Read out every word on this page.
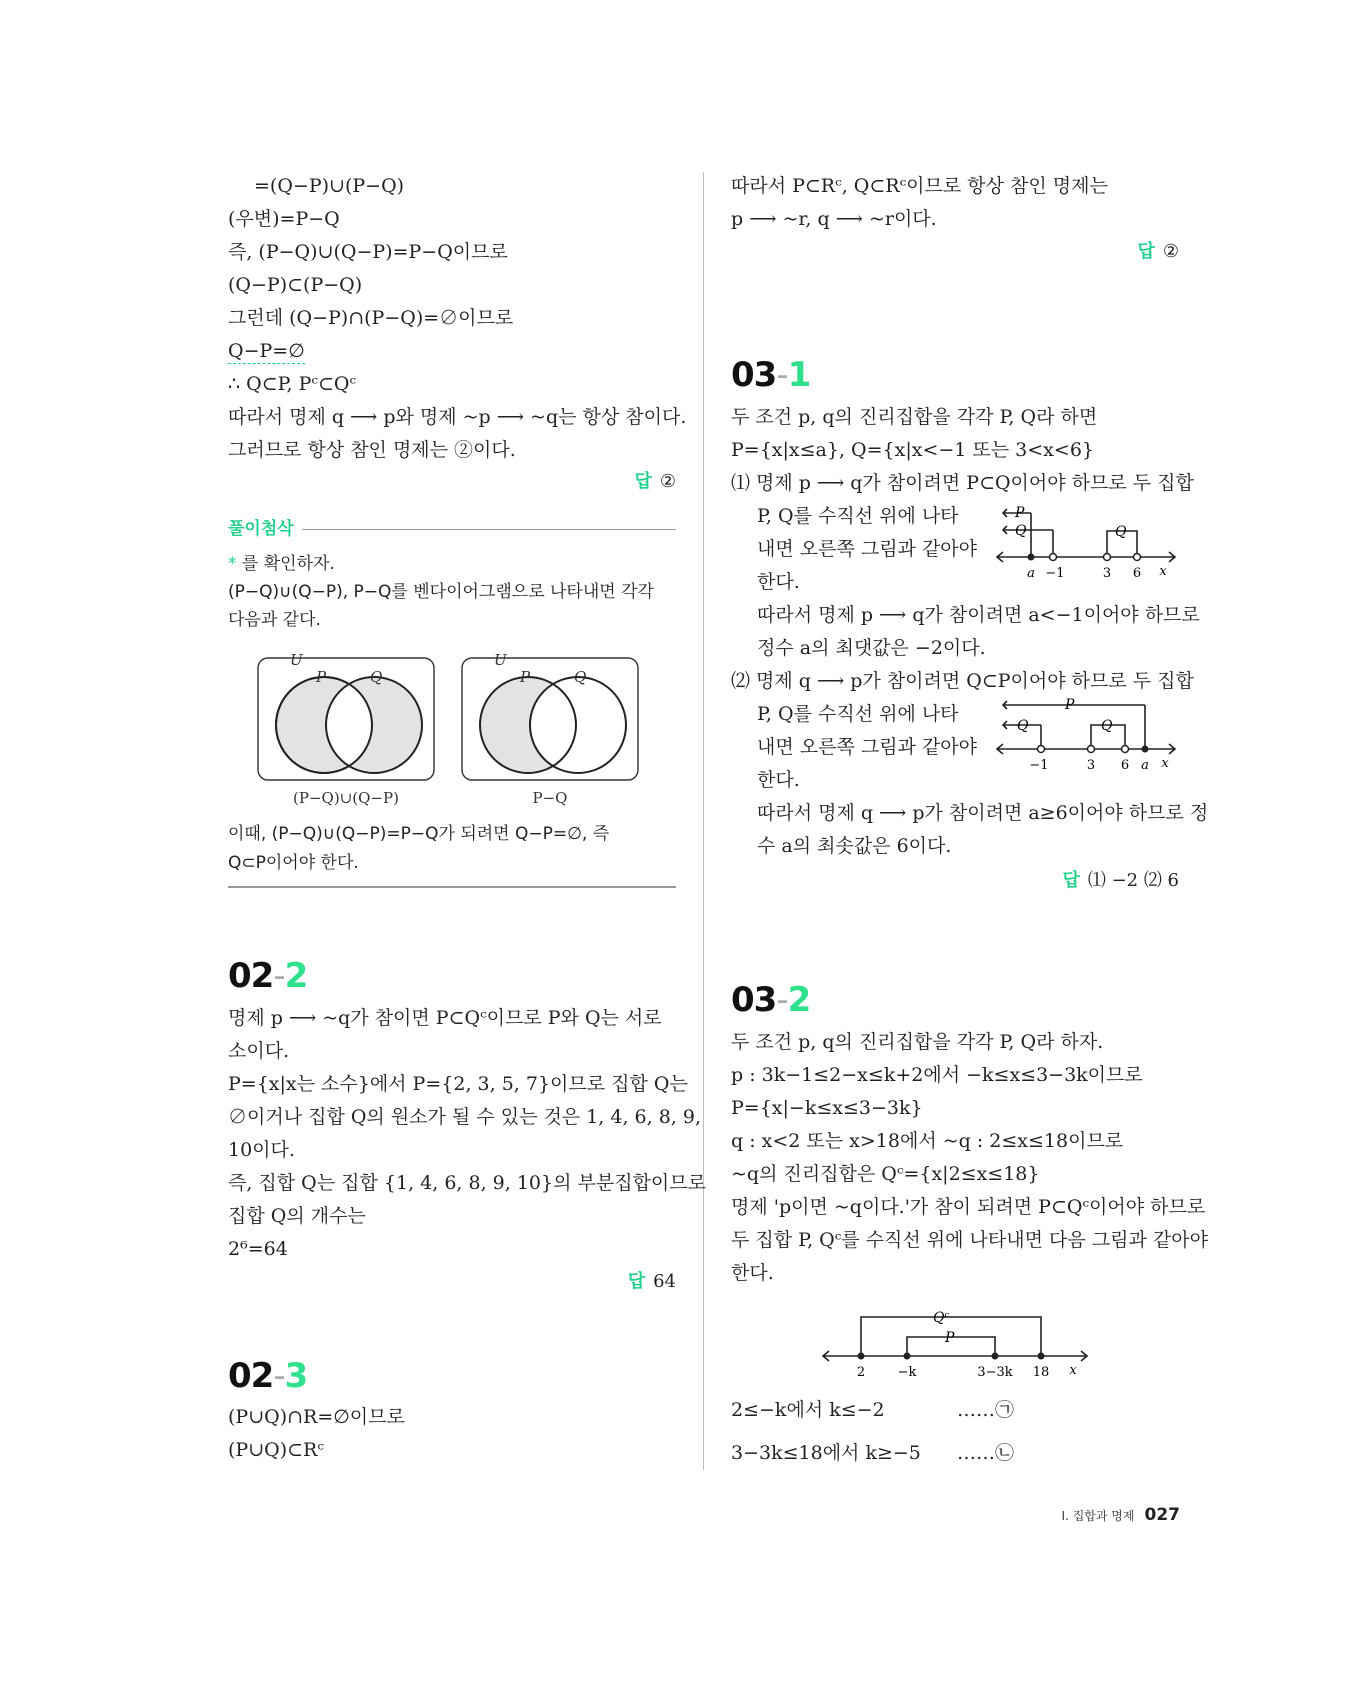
=(Q−P)∪(P−Q)
(우변)=P−Q
즉, (P−Q)∪(Q−P)=P−Q이므로
(Q−P)⊂(P−Q)
그런데 (Q−P)∩(P−Q)=∅이므로
Q−P=∅
∴ Q⊂P, Pᶜ⊂Qᶜ
따라서 명제 q ⟶ p와 명제 ~p ⟶ ~q는 항상 참이다.
그러므로 항상 참인 명제는 ②이다.
답 ②
풀이첨삭
* 를 확인하자.
(P−Q)∪(Q−P), P−Q를 벤다이어그램으로 나타내면 각각
다음과 같다.
U
P	Q
(P−Q)∪(Q−P)
U
P	Q
P−Q
이때, (P−Q)∪(Q−P)=P−Q가 되려면 Q−P=∅, 즉
Q⊂P이어야 한다.
02-2
명제 p ⟶ ~q가 참이면 P⊂Qᶜ이므로 P와 Q는 서로
소이다.
P={x|x는 소수}에서 P={2, 3, 5, 7}이므로 집합 Q는
∅이거나 집합 Q의 원소가 될 수 있는 것은 1, 4, 6, 8, 9,
10이다.
즉, 집합 Q는 집합 {1, 4, 6, 8, 9, 10}의 부분집합이므로
집합 Q의 개수는
2⁶=64
답 64
02-3
(P∪Q)∩R=∅이므로
(P∪Q)⊂Rᶜ
따라서 P⊂Rᶜ, Q⊂Rᶜ이므로 항상 참인 명제는
p ⟶ ~r, q ⟶ ~r이다.
답 ②
03-1
두 조건 p, q의 진리집합을 각각 P, Q라 하면
P={x|x≤a}, Q={x|x<−1 또는 3<x<6}
⑴ 명제 p ⟶ q가 참이려면 P⊂Q이어야 하므로 두 집합
P, Q를 수직선 위에 나타
내면 오른쪽 그림과 같아야
한다.
따라서 명제 p ⟶ q가 참이려면 a<−1이어야 하므로
정수 a의 최댓값은 −2이다.
⑵ 명제 q ⟶ p가 참이려면 Q⊂P이어야 하므로 두 집합
P, Q를 수직선 위에 나타
내면 오른쪽 그림과 같아야
한다.
따라서 명제 q ⟶ p가 참이려면 a≥6이어야 하므로 정
수 a의 최솟값은 6이다.
답 ⑴ −2 ⑵ 6
P
Q	Q
a −1	3 6 x
P
Q	Q
−1	3 6 a x
03-2
두 조건 p, q의 진리집합을 각각 P, Q라 하자.
p : 3k−1≤2−x≤k+2에서 −k≤x≤3−3k이므로
P={x|−k≤x≤3−3k}
q : x<2 또는 x>18에서 ~q : 2≤x≤18이므로
~q의 진리집합은 Qᶜ={x|2≤x≤18}
명제 'p이면 ~q이다.'가 참이 되려면 P⊂Qᶜ이어야 하므로
두 집합 P, Qᶜ를 수직선 위에 나타내면 다음 그림과 같아야
한다.
Qᶜ
P
2 −k	3−3k 18 x
2≤−k에서 k≤−2	……㉠
3−3k≤18에서 k≥−5 ……㉡
I. 집합과 명제 027
